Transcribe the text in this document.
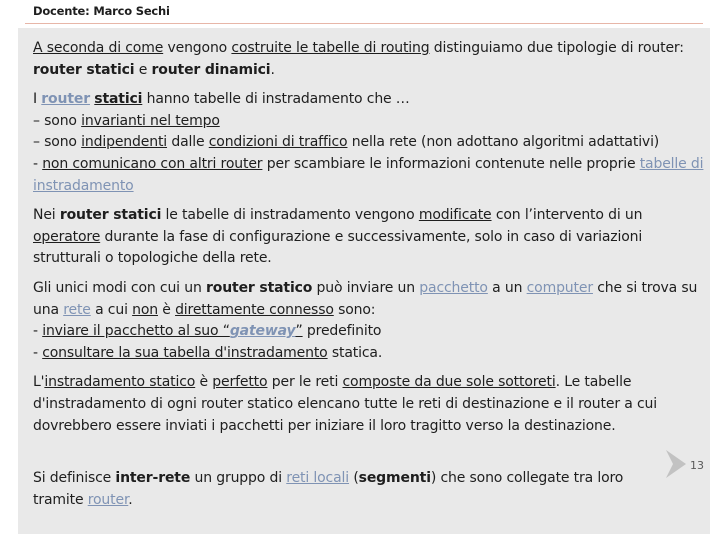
Docente: Marco Sechi

A seconda di come vengono costruite le tabelle di routing distinguiamo due tipologie di router: router statici e router dinamici.

I router statici hanno tabelle di instradamento che …
– sono invarianti nel tempo
– sono indipendenti dalle condizioni di traffico nella rete (non adottano algoritmi adattativi)
- non comunicano con altri router per scambiare le informazioni contenute nelle proprie tabelle di instradamento

Nei router statici le tabelle di instradamento vengono modificate con l’intervento di un operatore durante la fase di configurazione e successivamente, solo in caso di variazioni strutturali o topologiche della rete.

Gli unici modi con cui un router statico può inviare un pacchetto a un computer che si trova su una rete a cui non è direttamente connesso sono:
- inviare il pacchetto al suo “gateway” predefinito
- consultare la sua tabella d'instradamento statica.

L'instradamento statico è perfetto per le reti composte da due sole sottoreti. Le tabelle d'instradamento di ogni router statico elencano tutte le reti di destinazione e il router a cui dovrebbero essere inviati i pacchetti per iniziare il loro tragitto verso la destinazione.

Si definisce inter-rete un gruppo di reti locali (segmenti) che sono collegate tra loro
tramite router.
13
